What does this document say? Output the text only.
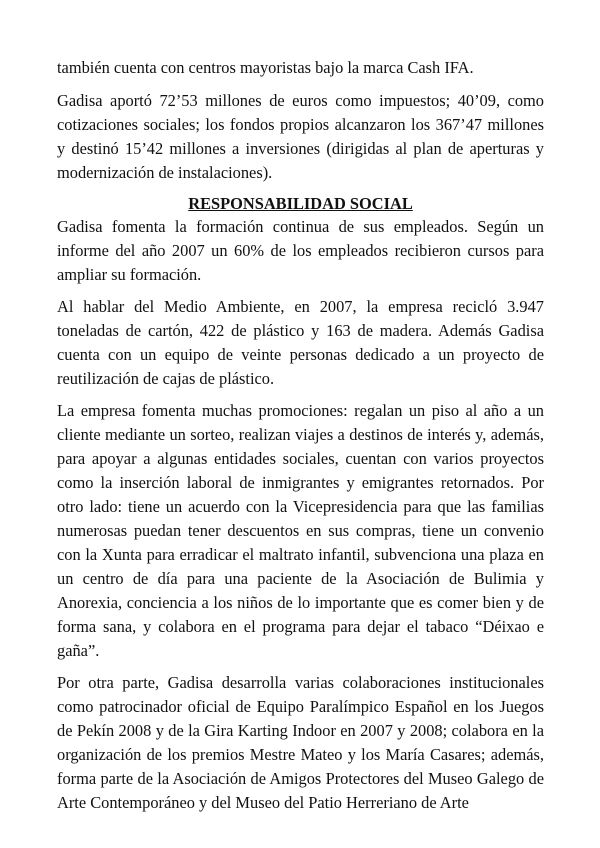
también cuenta con centros mayoristas bajo la marca Cash IFA.

Gadisa aportó 72’53 millones de euros como impuestos; 40’09, como cotizaciones sociales; los fondos propios alcanzaron los 367’47 millones y destinó 15’42 millones a inversiones (dirigidas al plan de aperturas y modernización de instalaciones).

RESPONSABILIDAD SOCIAL

Gadisa fomenta la formación continua de sus empleados. Según un informe del año 2007 un 60% de los empleados recibieron cursos para ampliar su formación.

Al hablar del Medio Ambiente, en 2007, la empresa recicló 3.947 toneladas de cartón, 422 de plástico y 163 de madera. Además Gadisa cuenta con un equipo de veinte personas dedicado a un proyecto de reutilización de cajas de plástico.

La empresa fomenta muchas promociones: regalan un piso al año a un cliente mediante un sorteo, realizan viajes a destinos de interés y, además, para apoyar a algunas entidades sociales, cuentan con varios proyectos como la inserción laboral de inmigrantes y emigrantes retornados. Por otro lado: tiene un acuerdo con la Vicepresidencia para que las familias numerosas puedan tener descuentos en sus compras, tiene un convenio con la Xunta para erradicar el maltrato infantil, subvenciona una plaza en un centro de día para una paciente de la Asociación de Bulimia y Anorexia, conciencia a los niños de lo importante que es comer bien y de forma sana, y colabora en el programa para dejar el tabaco “Déixao e gaña”.

Por otra parte, Gadisa desarrolla varias colaboraciones institucionales como patrocinador oficial de Equipo Paralímpico Español en los Juegos de Pekín 2008 y de la Gira Karting Indoor en 2007 y 2008; colabora en la organización de los premios Mestre Mateo y los María Casares; además, forma parte de la Asociación de Amigos Protectores del Museo Galego de Arte Contemporáneo y del Museo del Patio Herreriano de Arte
